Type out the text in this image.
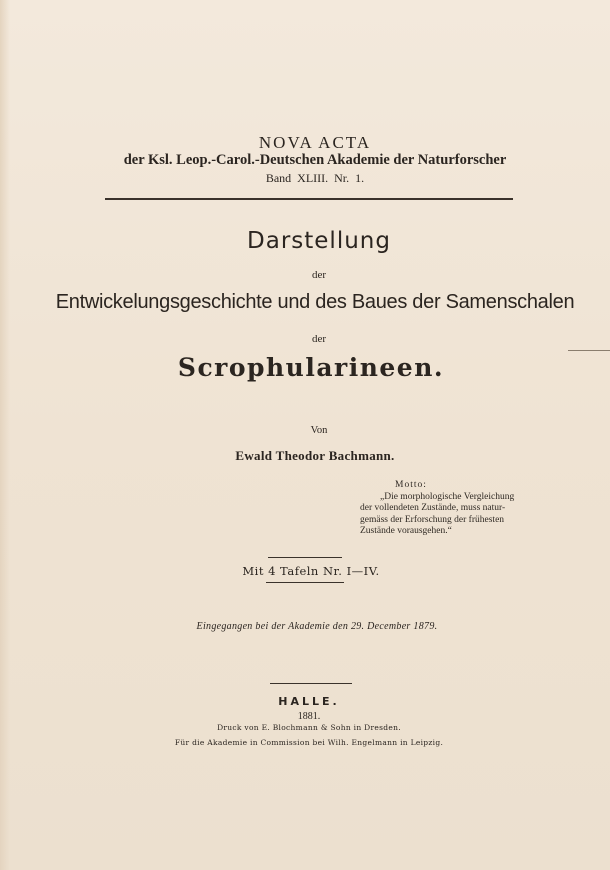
NOVA ACTA
der Ksl. Leop.-Carol.-Deutschen Akademie der Naturforscher
Band XLIII. Nr. 1.
Darstellung
der
Entwickelungsgeschichte und des Baues der Samenschalen
der
Scrophularineen.
Von
Ewald Theodor Bachmann.
Motto:
„Die morphologische Vergleichung
der vollendeten Zustände, muss natur-
gemäss der Erforschung der frühesten
Zustände vorausgehen.“
Mit 4 Tafeln Nr. I—IV.
Eingegangen bei der Akademie den 29. December 1879.
HALLE.
1881.
Druck von E. Blochmann & Sohn in Dresden.
Für die Akademie in Commission bei Wilh. Engelmann in Leipzig.
